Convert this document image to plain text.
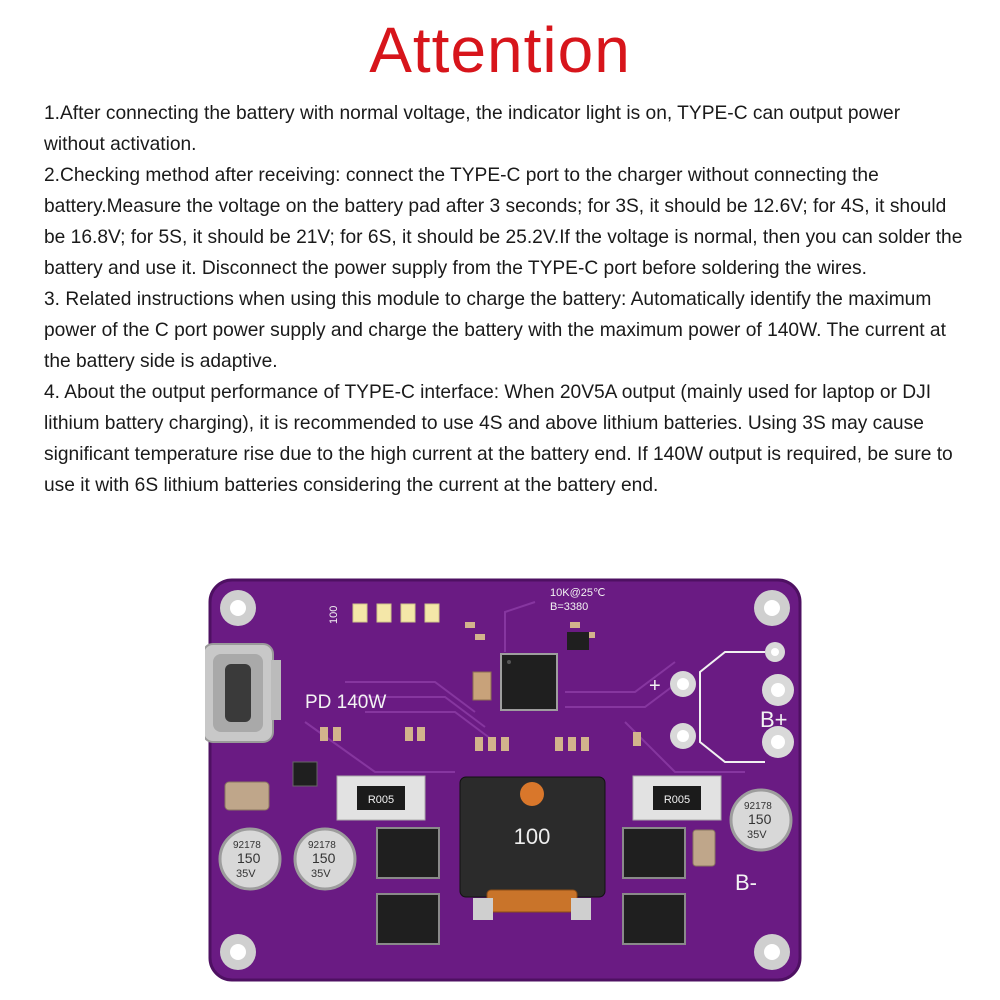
Attention

1.After connecting the battery with normal voltage, the indicator light is on, TYPE-C can output power without activation.

2.Checking method after receiving: connect the TYPE-C port to the charger without connecting the battery.Measure the voltage on the battery pad after 3 seconds; for 3S, it should be 12.6V; for 4S, it should be 16.8V; for 5S, it should be 21V; for 6S, it should be 25.2V.If the voltage is normal, then you can solder the battery and use it. Disconnect the power supply from the TYPE-C port before soldering the wires.

3. Related instructions when using this module to charge the battery: Automatically identify the maximum power of the C port power supply and charge the battery with the maximum power of 140W. The current at the battery side is adaptive.

4. About the output performance of TYPE-C interface: When 20V5A output (mainly used for laptop or DJI lithium battery charging), it is recommended to use 4S and above lithium batteries. Using 3S may cause significant temperature rise due to the high current at the battery end. If 140W output is required, be sure to use it with 6S lithium batteries considering the current at the battery end.

+
B+
B-
PD 140W
100
10K@25℃
B=3380
R005	R005
100
92178
150
35V
92178
150
35V
92178
150
35V
